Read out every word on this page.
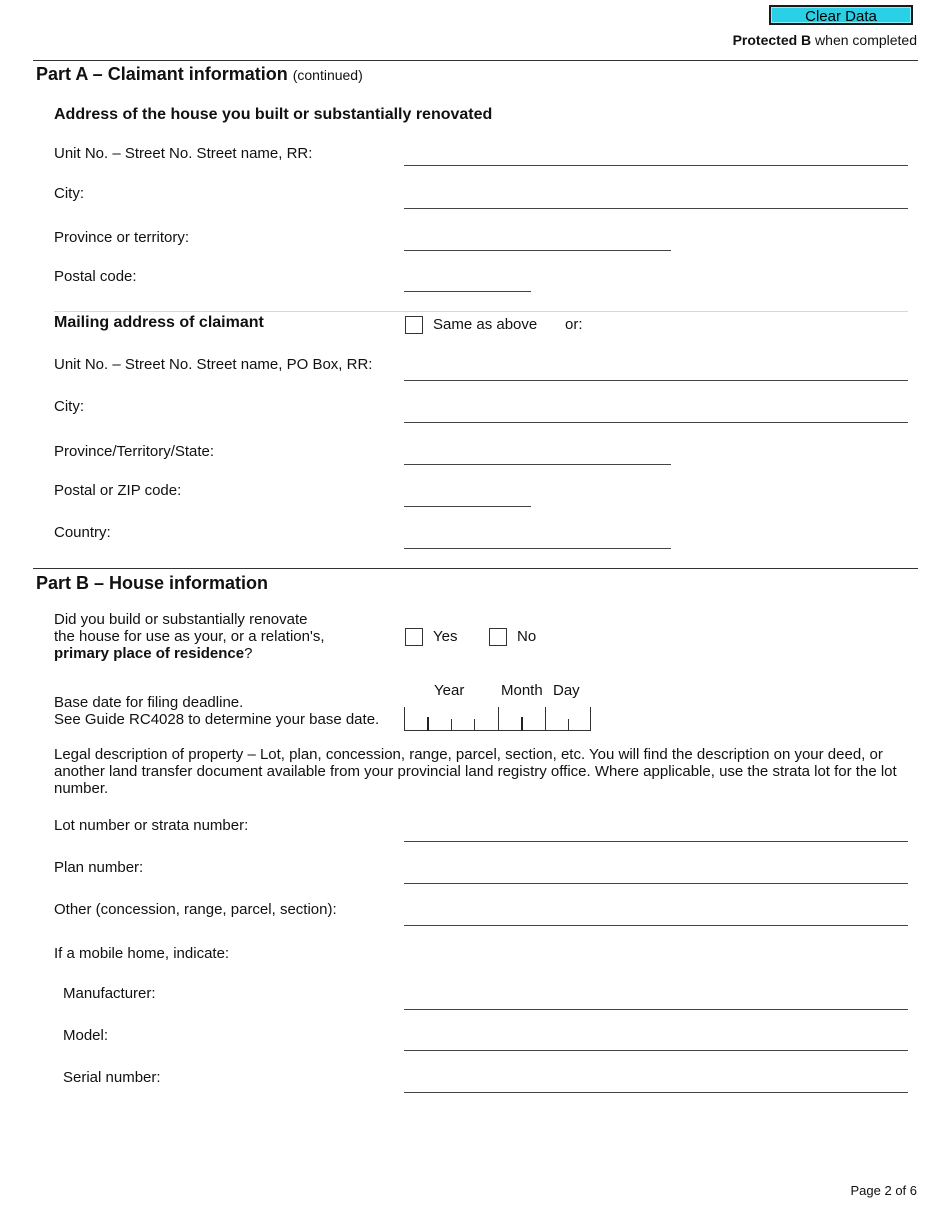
Clear Data
Protected B when completed
Part A – Claimant information (continued)
Address of the house you built or substantially renovated
Unit No. – Street No. Street name, RR:
City:
Province or territory:
Postal code:
Mailing address of claimant	Same as above or:
Unit No. – Street No. Street name, PO Box, RR:
City:
Province/Territory/State:
Postal or ZIP code:
Country:
Part B – House information
Did you build or substantially renovate
the house for use as your, or a relation's,
primary place of residence?
Yes	No
Base date for filing deadline.
See Guide RC4028 to determine your base date.
Year Month Day
Legal description of property – Lot, plan, concession, range, parcel, section, etc. You will find the description on your deed, or another land transfer document available from your provincial land registry office. Where applicable, use the strata lot for the lot number.
Lot number or strata number:
Plan number:
Other (concession, range, parcel, section):
If a mobile home, indicate:
Manufacturer:
Model:
Serial number:
Page 2 of 6
